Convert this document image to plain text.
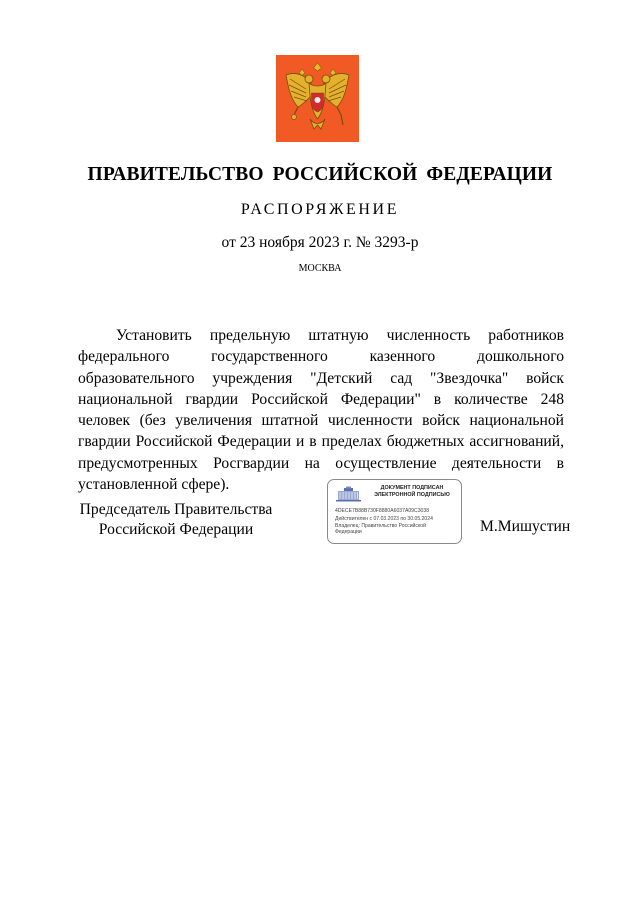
ПРАВИТЕЛЬСТВО РОССИЙСКОЙ ФЕДЕРАЦИИ
РАСПОРЯЖЕНИЕ
от 23 ноября 2023 г. № 3293-р
МОСКВА
Установить предельную штатную численность работников федерального государственного казенного дошкольного образовательного учреждения "Детский сад "Звездочка" войск национальной гвардии Российской Федерации" в количестве 248 человек (без увеличения штатной численности войск национальной гвардии Российской Федерации и в пределах бюджетных ассигнований, предусмотренных Росгвардии на осуществление деятельности в установленной сфере).
Председатель Правительства
Российской Федерации
ДОКУМЕНТ ПОДПИСАН
ЭЛЕКТРОННОЙ ПОДПИСЬЮ
4DECE7B88B730F8880A6037A09C3038
Действителен с 07.03.2023 по 30.05.2024
Владелец: Правительство Российской
Федерации	М.Мишустин
